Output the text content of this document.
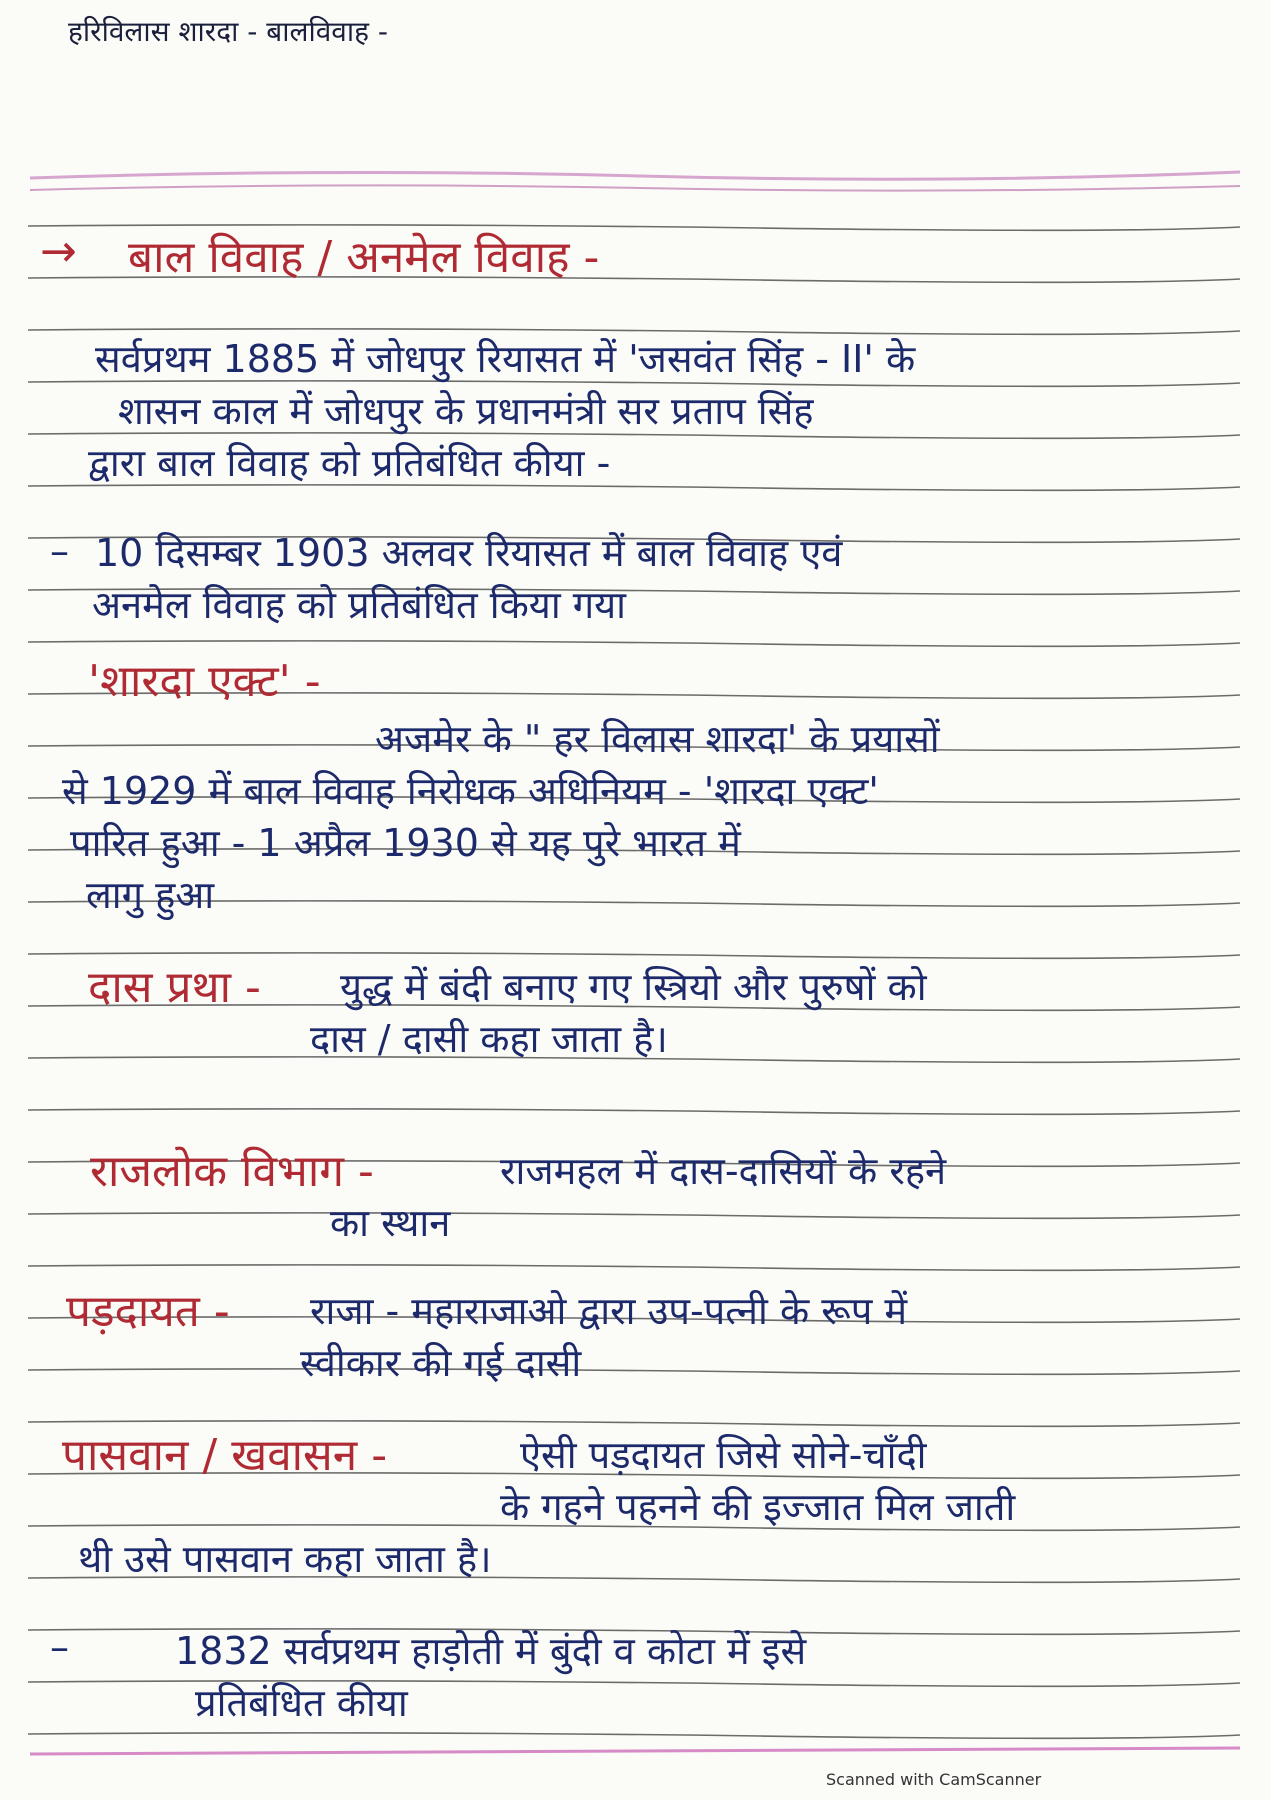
हरिविलास शारदा - बालविवाह -
→ बाल विवाह / अनमेल विवाह -
सर्वप्रथम 1885 में जोधपुर रियासत में 'जसवंत सिंह - II' के
शासन काल में जोधपुर के प्रधानमंत्री सर प्रताप सिंह
द्वारा बाल विवाह को प्रतिबंधित कीया -
– 10 दिसम्बर 1903 अलवर रियासत में बाल विवाह एवं
अनमेल विवाह को प्रतिबंधित किया गया
'शारदा एक्ट' -
अजमेर के " हर विलास शारदा' के प्रयासों
से 1929 में बाल विवाह निरोधक अधिनियम - 'शारदा एक्ट'
पारित हुआ - 1 अप्रैल 1930 से यह पुरे भारत में
लागु हुआ
दास प्रथा - युद्ध में बंदी बनाए गए स्त्रियो और पुरुषों को
दास / दासी कहा जाता है।
राजलोक विभाग -	राजमहल में दास-दासियों के रहने
का स्थान
पड़दायत - राजा - महाराजाओ द्वारा उप-पत्नी के रूप में
स्वीकार की गई दासी
पासवान / खवासन -	ऐसी पड़दायत जिसे सोने-चाँदी
के गहने पहनने की इज्जात मिल जाती
थी उसे पासवान कहा जाता है।
–	1832 सर्वप्रथम हाड़ोती में बुंदी व कोटा में इसे
प्रतिबंधित कीया
Scanned with CamScanner
